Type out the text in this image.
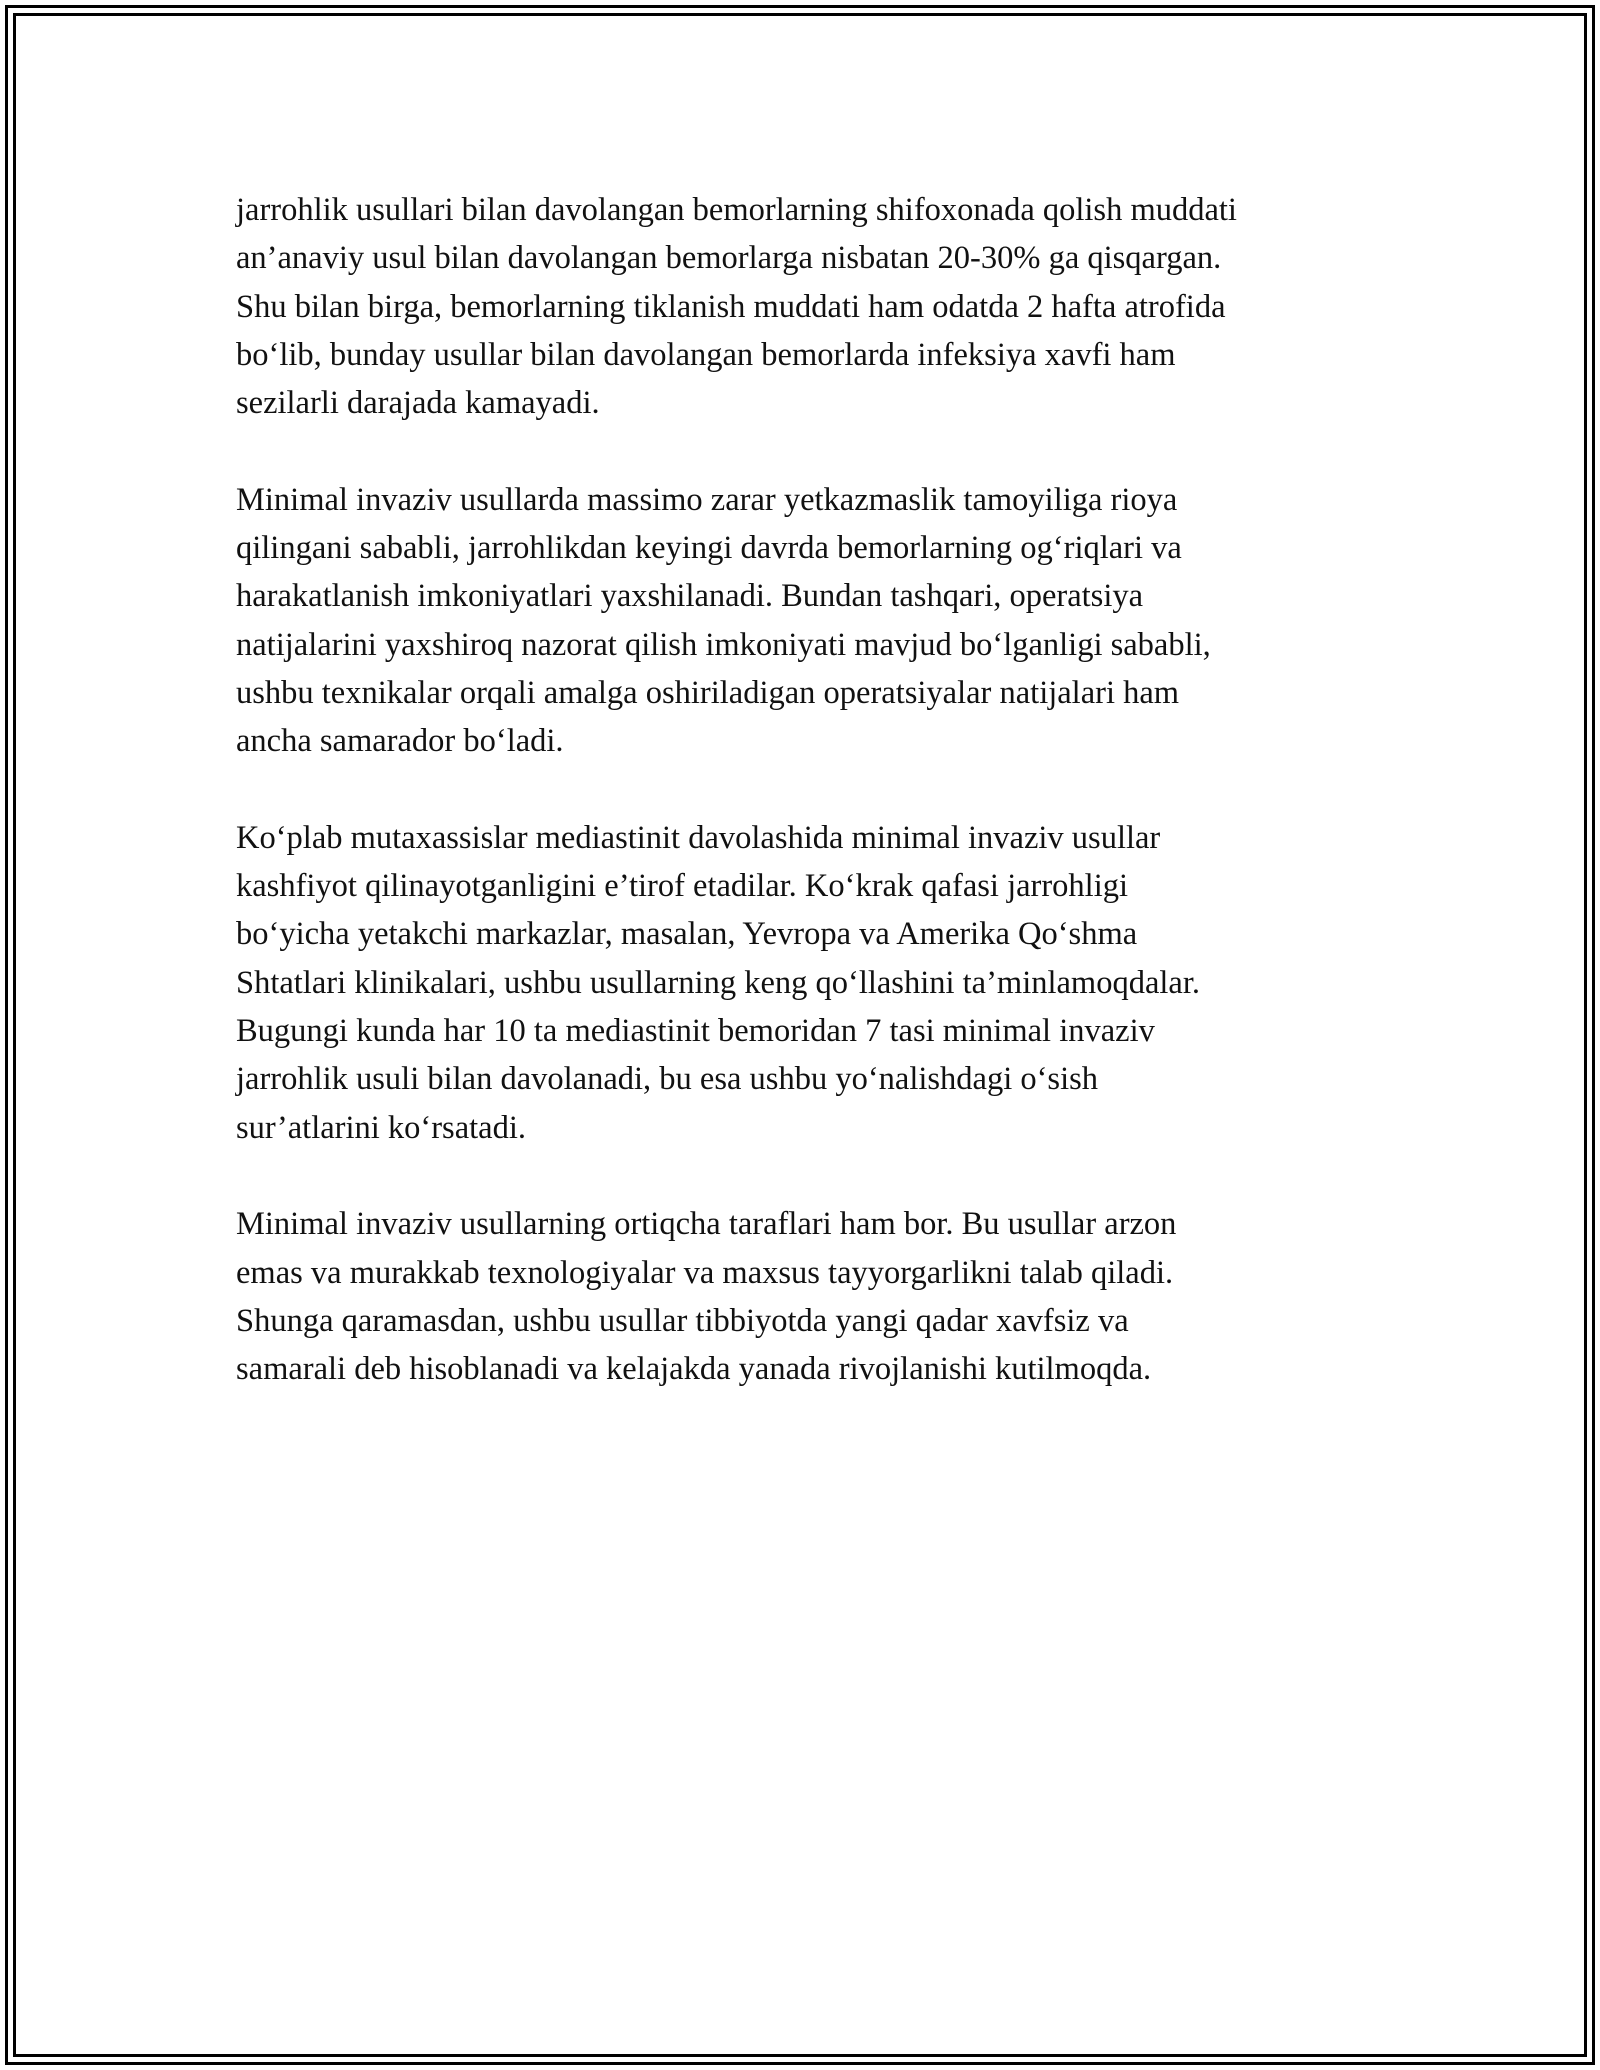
jarrohlik usullari bilan davolangan bemorlarning shifoxonada qolish muddati
an’anaviy usul bilan davolangan bemorlarga nisbatan 20-30% ga qisqargan.
Shu bilan birga, bemorlarning tiklanish muddati ham odatda 2 hafta atrofida
bo‘lib, bunday usullar bilan davolangan bemorlarda infeksiya xavfi ham
sezilarli darajada kamayadi.

Minimal invaziv usullarda massimo zarar yetkazmaslik tamoyiliga rioya
qilingani sababli, jarrohlikdan keyingi davrda bemorlarning og‘riqlari va
harakatlanish imkoniyatlari yaxshilanadi. Bundan tashqari, operatsiya
natijalarini yaxshiroq nazorat qilish imkoniyati mavjud bo‘lganligi sababli,
ushbu texnikalar orqali amalga oshiriladigan operatsiyalar natijalari ham
ancha samarador bo‘ladi.

Ko‘plab mutaxassislar mediastinit davolashida minimal invaziv usullar
kashfiyot qilinayotganligini e’tirof etadilar. Ko‘krak qafasi jarrohligi
bo‘yicha yetakchi markazlar, masalan, Yevropa va Amerika Qo‘shma
Shtatlari klinikalari, ushbu usullarning keng qo‘llashini ta’minlamoqdalar.
Bugungi kunda har 10 ta mediastinit bemoridan 7 tasi minimal invaziv
jarrohlik usuli bilan davolanadi, bu esa ushbu yo‘nalishdagi o‘sish
sur’atlarini ko‘rsatadi.

Minimal invaziv usullarning ortiqcha taraflari ham bor. Bu usullar arzon
emas va murakkab texnologiyalar va maxsus tayyorgarlikni talab qiladi.
Shunga qaramasdan, ushbu usullar tibbiyotda yangi qadar xavfsiz va
samarali deb hisoblanadi va kelajakda yanada rivojlanishi kutilmoqda.
